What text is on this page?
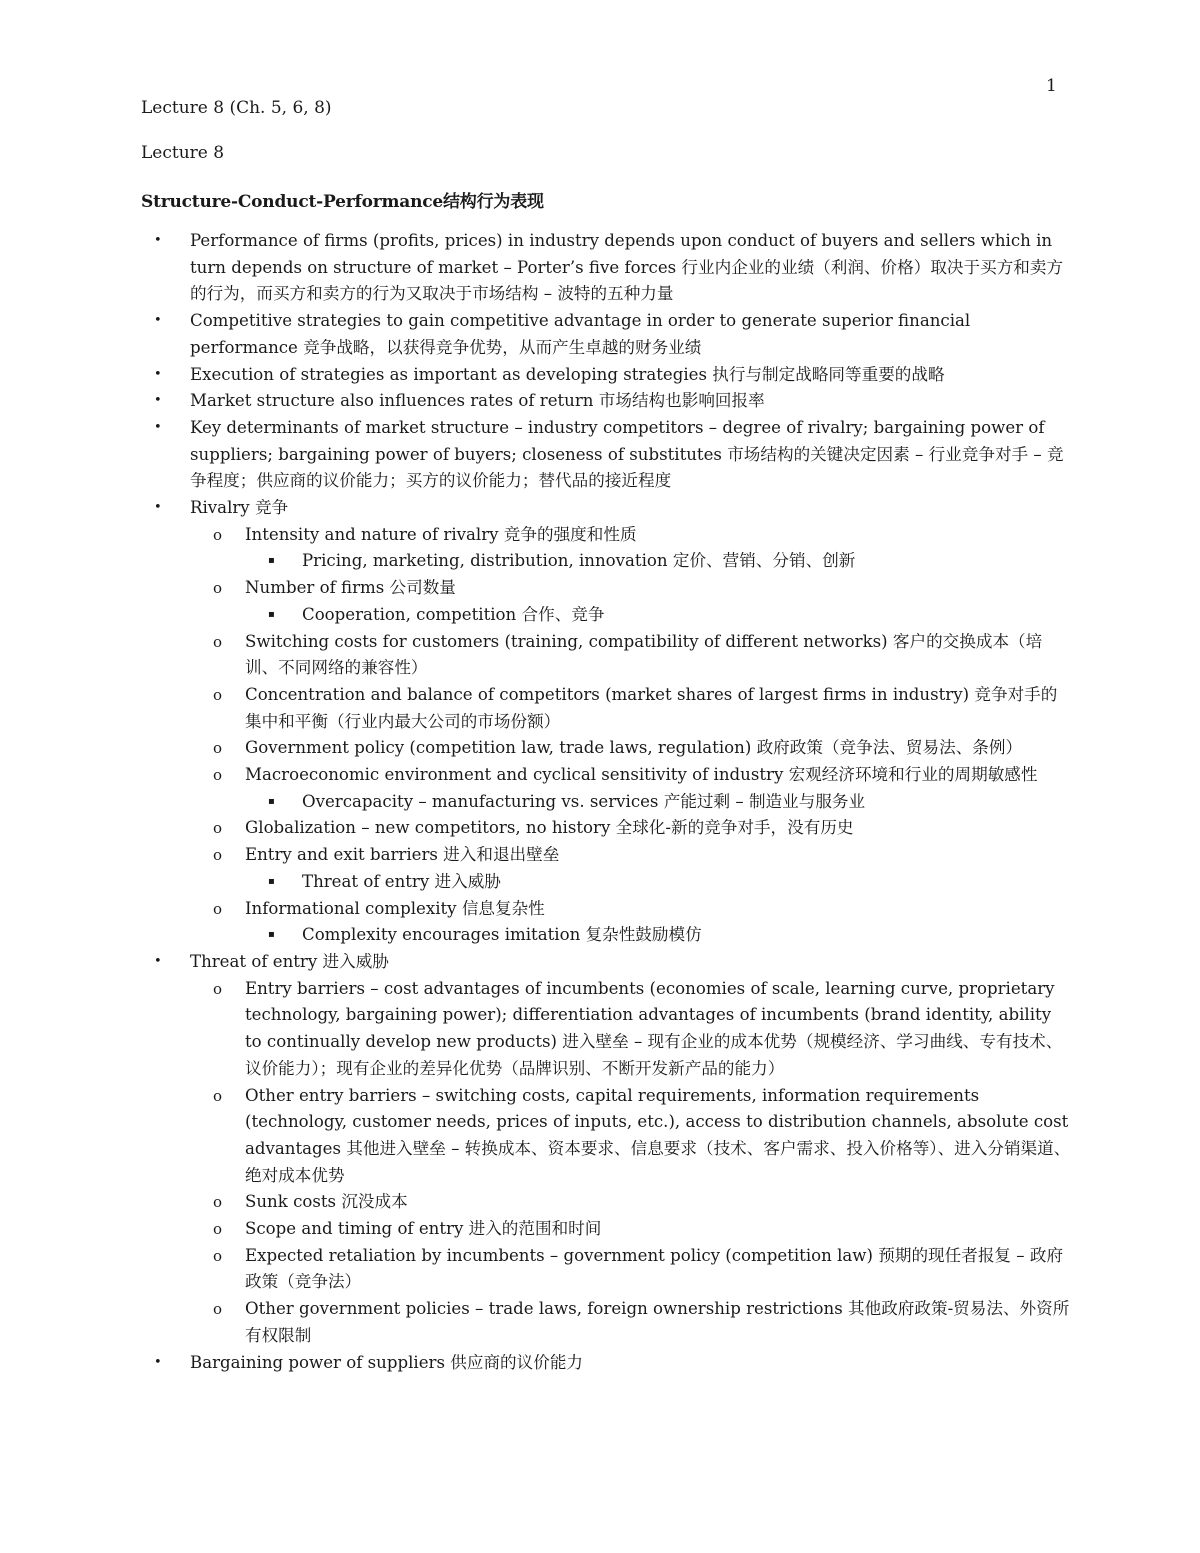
1
Lecture 8 (Ch. 5, 6, 8)
Lecture 8
Structure-Conduct-Performance结构行为表现
• Performance of firms (profits, prices) in industry depends upon conduct of buyers and sellers which in turn depends on structure of market – Porter’s five forces 行业内企业的业绩（利润、价格）取决于买方和卖方的行为，而买方和卖方的行为又取决于市场结构 – 波特的五种力量
• Competitive strategies to gain competitive advantage in order to generate superior financial performance 竞争战略，以获得竞争优势，从而产生卓越的财务业绩
• Execution of strategies as important as developing strategies 执行与制定战略同等重要的战略
• Market structure also influences rates of return 市场结构也影响回报率
• Key determinants of market structure – industry competitors – degree of rivalry; bargaining power of suppliers; bargaining power of buyers; closeness of substitutes 市场结构的关键决定因素 – 行业竞争对手 – 竞争程度；供应商的议价能力；买方的议价能力；替代品的接近程度
• Rivalry 竞争
o Intensity and nature of rivalry 竞争的强度和性质
▪ Pricing, marketing, distribution, innovation 定价、营销、分销、创新
o Number of firms 公司数量
▪ Cooperation, competition 合作、竞争
o Switching costs for customers (training, compatibility of different networks) 客户的交换成本（培训、不同网络的兼容性）
o Concentration and balance of competitors (market shares of largest firms in industry) 竞争对手的集中和平衡（行业内最大公司的市场份额）
o Government policy (competition law, trade laws, regulation) 政府政策（竞争法、贸易法、条例）
o Macroeconomic environment and cyclical sensitivity of industry 宏观经济环境和行业的周期敏感性
▪ Overcapacity – manufacturing vs. services 产能过剩 – 制造业与服务业
o Globalization – new competitors, no history 全球化-新的竞争对手，没有历史
o Entry and exit barriers 进入和退出壁垒
▪ Threat of entry 进入威胁
o Informational complexity 信息复杂性
▪ Complexity encourages imitation 复杂性鼓励模仿
• Threat of entry 进入威胁
o Entry barriers – cost advantages of incumbents (economies of scale, learning curve, proprietary technology, bargaining power); differentiation advantages of incumbents (brand identity, ability to continually develop new products) 进入壁垒 – 现有企业的成本优势（规模经济、学习曲线、专有技术、议价能力）；现有企业的差异化优势（品牌识别、不断开发新产品的能力）
o Other entry barriers – switching costs, capital requirements, information requirements (technology, customer needs, prices of inputs, etc.), access to distribution channels, absolute cost advantages 其他进入壁垒 – 转换成本、资本要求、信息要求（技术、客户需求、投入价格等）、进入分销渠道、绝对成本优势
o Sunk costs 沉没成本
o Scope and timing of entry 进入的范围和时间
o Expected retaliation by incumbents – government policy (competition law) 预期的现任者报复 – 政府政策（竞争法）
o Other government policies – trade laws, foreign ownership restrictions 其他政府政策-贸易法、外资所有权限制
• Bargaining power of suppliers 供应商的议价能力
